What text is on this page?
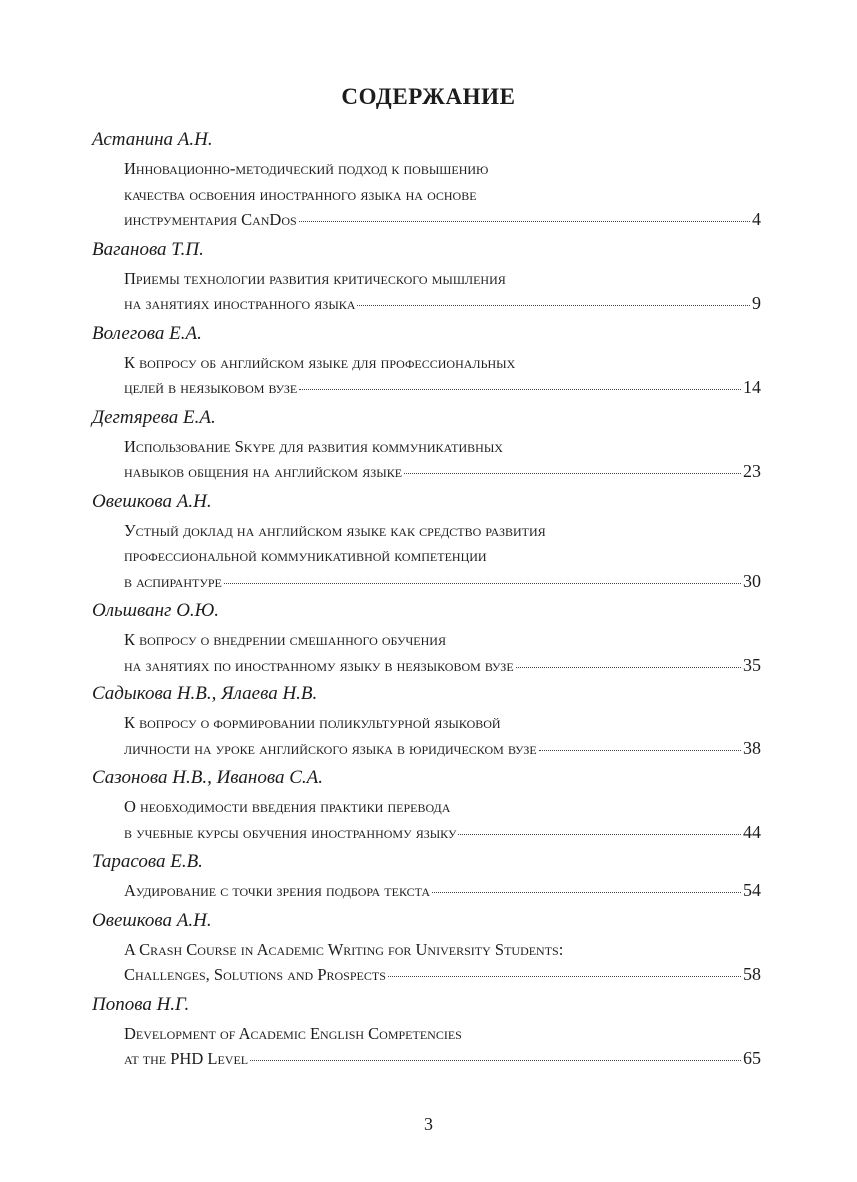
СОДЕРЖАНИЕ
Астанина А.Н.
Инновационно-методический подход к повышению
качества освоения иностранного языка на основе
инструментария CanDos	4
Ваганова Т.П.
Приемы технологии развития критического мышления
на занятиях иностранного языка	9
Волегова Е.А.
К вопросу об английском языке для профессиональных
целей в неязыковом вузе	14
Дегтярева Е.А.
Использование Skype для развития коммуникативных
навыков общения на английском языке	23
Овешкова А.Н.
Устный доклад на английском языке как средство развития
профессиональной коммуникативной компетенции
в аспирантуре	30
Ольшванг О.Ю.
К вопросу о внедрении смешанного обучения
на занятиях по иностранному языку в неязыковом вузе	35
Садыкова Н.В., Ялаева Н.В.
К вопросу о формировании поликультурной языковой
личности на уроке английского языка в юридическом вузе	38
Сазонова Н.В., Иванова С.А.
О необходимости введения практики перевода
в учебные курсы обучения иностранному языку	44
Тарасова Е.В.
Аудирование с точки зрения подбора текста	54
Овешкова А.Н.
A Crash Course in Academic Writing for University Students:
Challenges, Solutions and Prospects	58
Попова Н.Г.
Development of Academic English Competencies
at the PHD Level	65
3
